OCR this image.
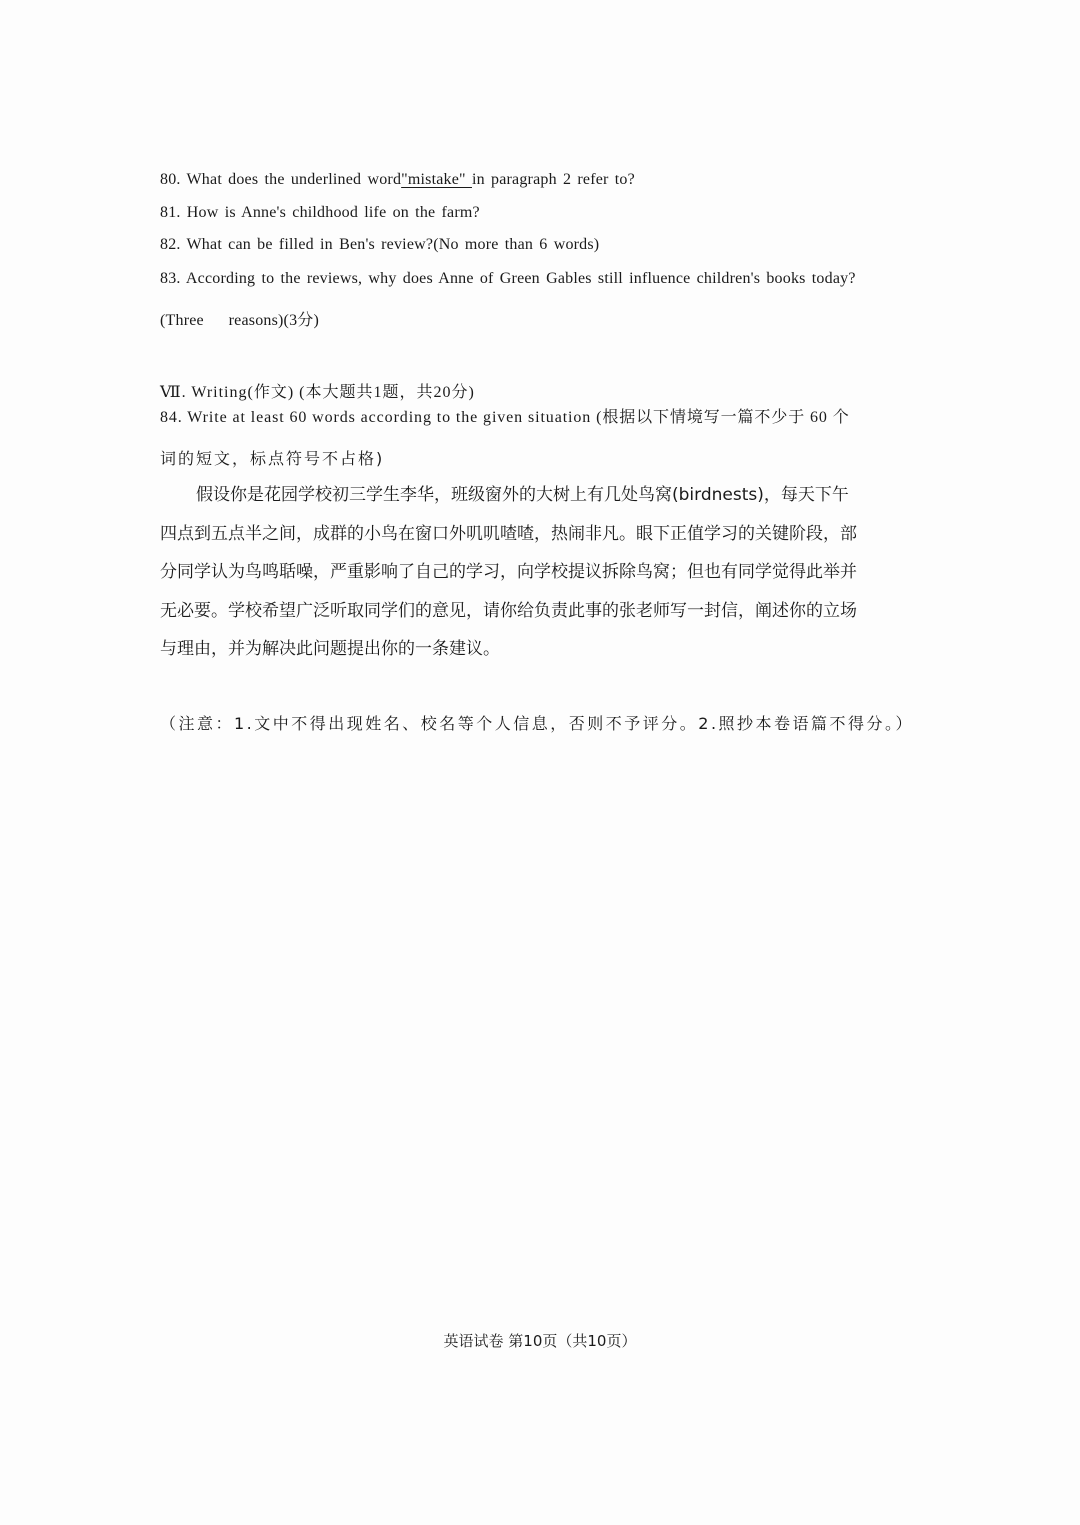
80. What does the underlined word"mistake" in paragraph 2 refer to?
81. How is Anne's childhood life on the farm?
82. What can be filled in Ben's review?(No more than 6 words)
83. According to the reviews, why does Anne of Green Gables still influence children's books today?
(Three    reasons)(3分)
Ⅶ. Writing(作文) (本大题共1题，共20分)
84. Write at least 60 words according to the given situation (根据以下情境写一篇不少于 60 个
词的短文，标点符号不占格)
假设你是花园学校初三学生李华，班级窗外的大树上有几处鸟窝(birdnests)，每天下午
四点到五点半之间，成群的小鸟在窗口外叽叽喳喳，热闹非凡。眼下正值学习的关键阶段，部
分同学认为鸟鸣聒噪，严重影响了自己的学习，向学校提议拆除鸟窝；但也有同学觉得此举并
无必要。学校希望广泛听取同学们的意见，请你给负责此事的张老师写一封信，阐述你的立场
与理由，并为解决此问题提出你的一条建议。
（注意：1.文中不得出现姓名、校名等个人信息，否则不予评分。2.照抄本卷语篇不得分。）
英语试卷 第10页（共10页）
